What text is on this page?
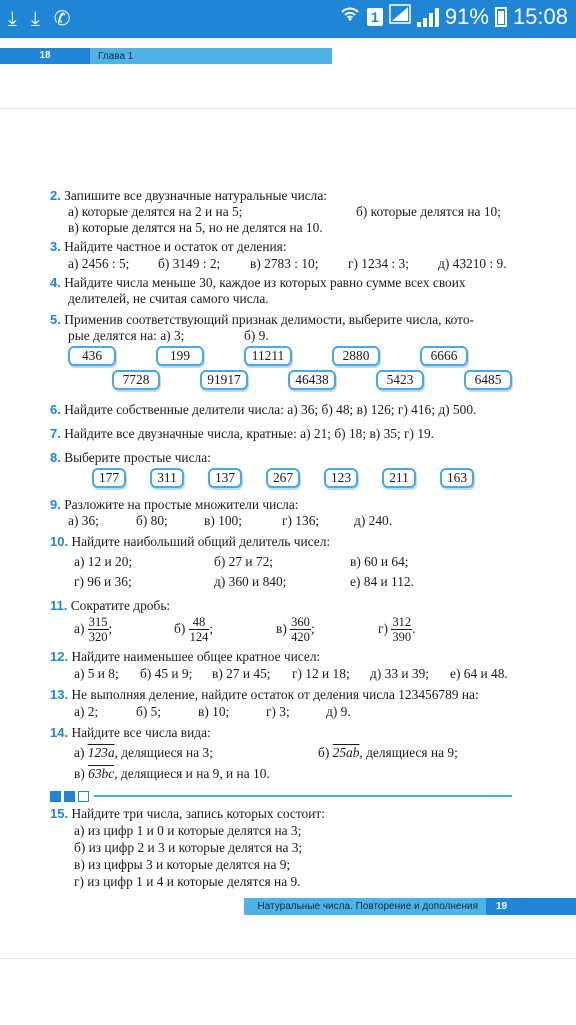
⤓ ⤓ ✆	1	91% 15:08
18	Глава 1
2. Запишите все двузначные натуральные числа:
а) которые делятся на 2 и на 5;	б) которые делятся на 10;
в) которые делятся на 5, но не делятся на 10.
3. Найдите частное и остаток от деления:
а) 2456 : 5; б) 3149 : 2; в) 2783 : 10; г) 1234 : 3; д) 43210 : 9.
4. Найдите числа меньше 30, каждое из которых равно сумме всех своих
делителей, не считая самого числа.
5. Применив соответствующий признак делимости, выберите числа, кото-
рые делятся на: а) 3;	б) 9.
436	199	11211	2880	6666
7728	91917	46438	5423	6485
6. Найдите собственные делители числа: а) 36; б) 48; в) 126; г) 416; д) 500.
7. Найдите все двузначные числа, кратные: а) 21; б) 18; в) 35; г) 19.
8. Выберите простые числа:
177	311	137	267	123	211	163
9. Разложите на простые множители числа:
а) 36;	б) 80;	в) 100;	г) 136;	д) 240.
10. Найдите наибольший общий делитель чисел:
а) 12 и 20;	б) 27 и 72;	в) 60 и 64;
г) 96 и 36;	д) 360 и 840;	е) 84 и 112.
11. Сократите дробь:
$а) \frac{315}{320}$ ;	$б) \frac{48}{124}$ ;	$в) \frac{360}{420}$ ;	$г) \frac{312}{390}$ .
12. Найдите наименьшее общее кратное чисел:
а) 5 и 8; б) 45 и 9; в) 27 и 45; г) 12 и 18; д) 33 и 39; е) 64 и 48.
13. Не выполняя деление, найдите остаток от деления числа 123456789 на:
а) 2;	б) 5;	в) 10;	г) 3;	д) 9.
14. Найдите все числа вида:
а) 123a, делящиеся на 3;	б) 25ab, делящиеся на 9;
в) 63bc, делящиеся и на 9, и на 10.
15. Найдите три числа, запись которых состоит:
а) из цифр 1 и 0 и которые делятся на 3;
б) из цифр 2 и 3 и которые делятся на 3;
в) из цифры 3 и которые делятся на 9;
г) из цифр 1 и 4 и которые делятся на 9.
Натуральные числа. Повторение и дополнения	19
